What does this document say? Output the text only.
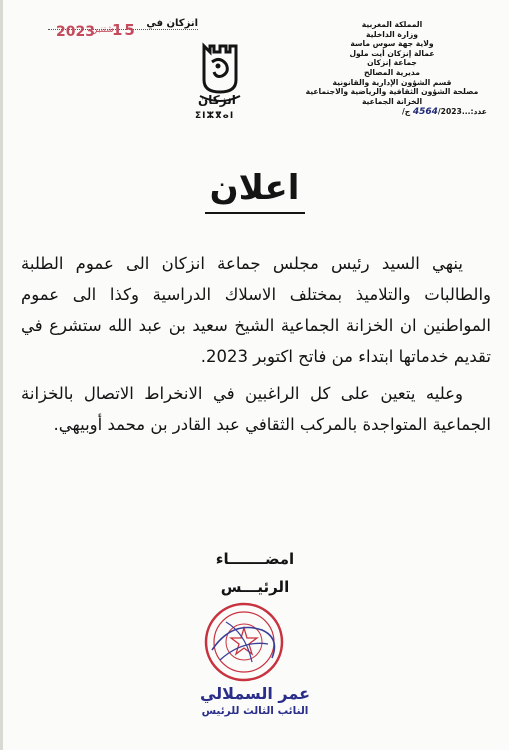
انزكان في
2023
شتنبر
15	المملكة المغربية
وزارة الداخلية
ولاية جهة سوس ماسة
عمالة إنزكان أيت ملول
جماعة إنزكان
مديرية المصالح
قسم الشؤون الإدارية والقانونية
مصلحة الشؤون الثقافية والرياضية والاجتماعية
الخزانة الجماعية
عدد:...4564/2023 ج/
انزكان
ⵉⵏⵣⴳⴰⵏ
اعلان

ينهي السيد رئيس مجلس جماعة انزكان الى عموم الطلبة والطالبات والتلاميذ بمختلف الاسلاك الدراسية وكذا الى عموم المواطنين ان الخزانة الجماعية الشيخ سعيد بن عبد الله ستشرع في تقديم خدماتها ابتداء من فاتح اكتوبر 2023.

وعليه يتعين على كل الراغبين في الانخراط الاتصال بالخزانة الجماعية المتواجدة بالمركب الثقافي عبد القادر بن محمد أوبيهي.

امضـــــــاء
الرئيـــس
عمر السملالي
النائب الثالث للرئيس
